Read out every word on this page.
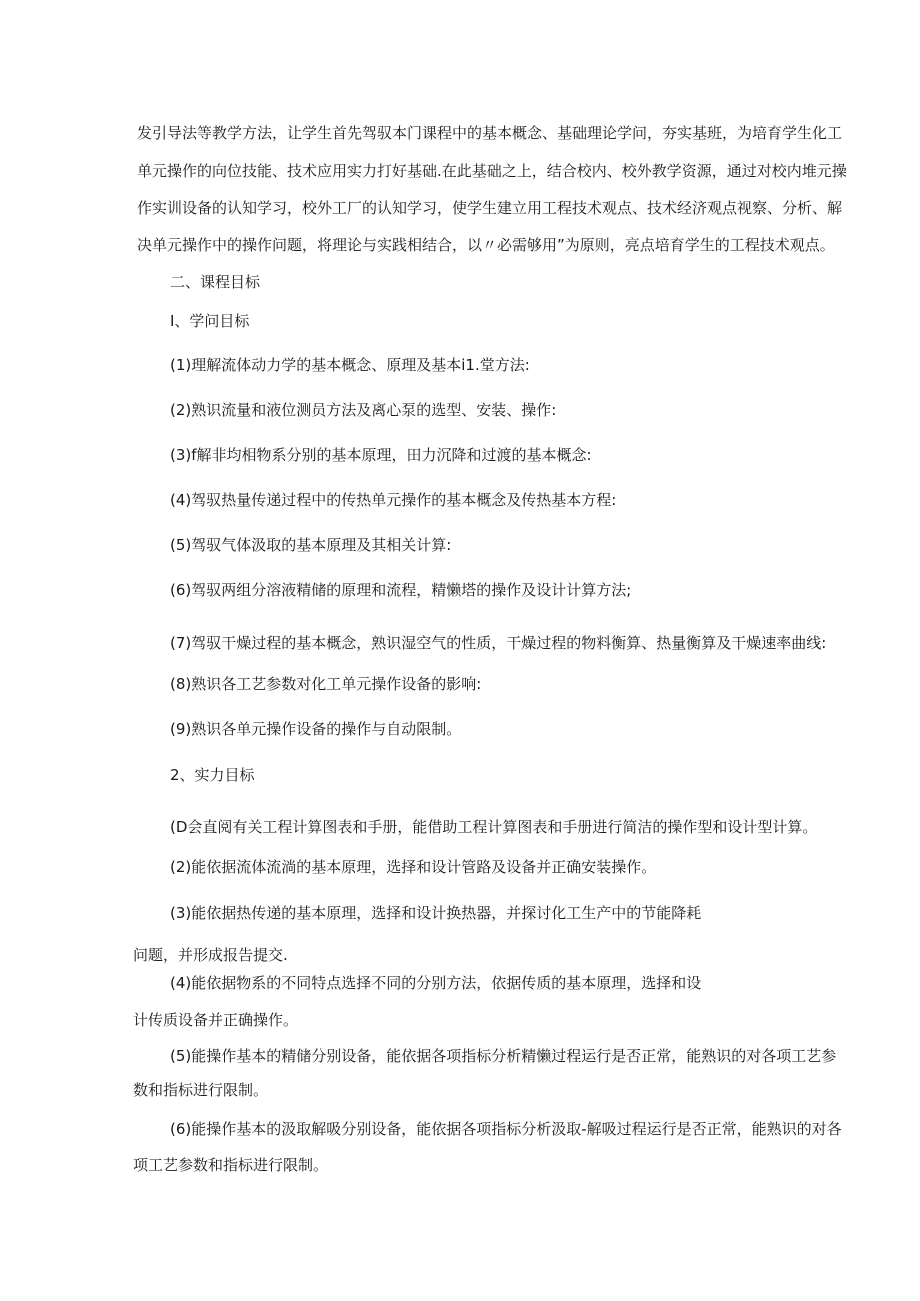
发引导法等教学方法，让学生首先驾驭本门课程中的基本概念、基础理论学问，夯实基班，为培育学生化工

单元操作的向位技能、技术应用实力打好基础.在此基础之上，结合校内、校外教学资源，通过对校内堆元操

作实训设备的认知学习，校外工厂的认知学习，使学生建立用工程技术观点、技术经济观点视察、分析、解

决单元操作中的操作问题，将理论与实践相结合，以〃必需够用”为原则，亮点培育学生的工程技术观点。

二、课程目标

I、学问目标

(1)理解流体动力学的基本概念、原理及基本i1.堂方法:

(2)熟识流量和液位测员方法及离心泵的选型、安装、操作:

(3)f解非均相物系分别的基本原理，田力沉降和过渡的基本概念:

(4)驾驭热量传递过程中的传热单元操作的基本概念及传热基本方程:

(5)驾驭气体汲取的基本原理及其相关计算:

(6)驾驭两组分溶液精储的原理和流程，精懒塔的操作及设计计算方法;

(7)驾驭干燥过程的基本概念，熟识湿空气的性质，干燥过程的物料衡算、热量衡算及干燥速率曲线:

(8)熟识各工艺参数对化工单元操作设备的影响:

(9)熟识各单元操作设备的操作与自动限制。

2、实力目标

(D会直阅有关工程计算图表和手册，能借助工程计算图表和手册进行简洁的操作型和设计型计算。

(2)能依据流体流淌的基本原理，选择和设计管路及设备并正确安装操作。

(3)能依据热传递的基本原理，选择和设计换热器，并探讨化工生产中的节能降耗

问题，并形成报告提交.

(4)能依据物系的不同特点选择不同的分别方法，依据传质的基本原理，选择和设

计传质设备并正确操作。

(5)能操作基本的精储分别设备，能依据各项指标分析精懒过程运行是否正常，能熟识的对各项工艺参

数和指标进行限制。

(6)能操作基本的汲取解吸分别设备，能依据各项指标分析汲取-解吸过程运行是否正常，能熟识的对各

项工艺参数和指标进行限制。
